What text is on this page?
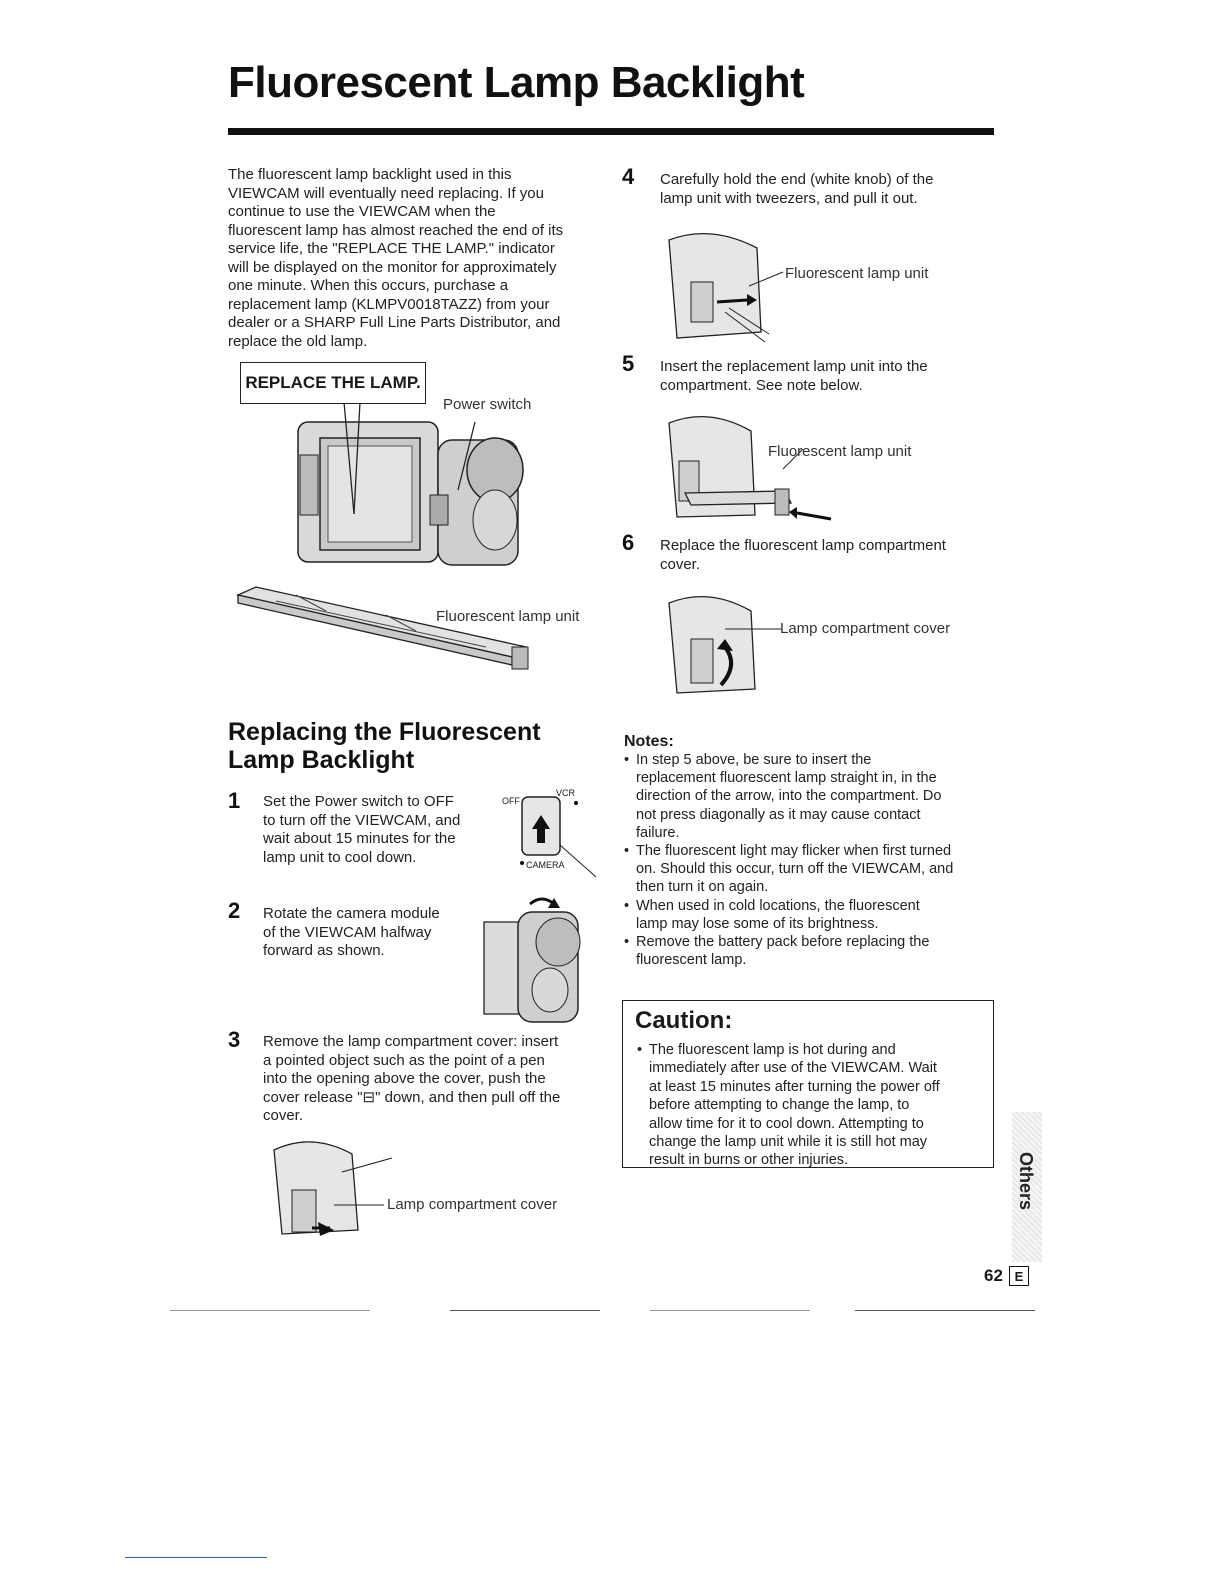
Fluorescent Lamp Backlight
The fluorescent lamp backlight used in this
VIEWCAM will eventually need replacing. If you
continue to use the VIEWCAM when the
fluorescent lamp has almost reached the end of its
service life, the "REPLACE THE LAMP." indicator
will be displayed on the monitor for approximately
one minute. When this occurs, purchase a
replacement lamp (KLMPV0018TAZZ) from your
dealer or a SHARP Full Line Parts Distributor, and
replace the old lamp.
REPLACE THE LAMP.
Power switch
Fluorescent lamp unit
Replacing the Fluorescent
Lamp Backlight
1 Set the Power switch to OFF
to turn off the VIEWCAM, and
wait about 15 minutes for the
lamp unit to cool down.
OFF
VCR
CAMERA
2 Rotate the camera module
of the VIEWCAM halfway
forward as shown.
3 Remove the lamp compartment cover: insert
a pointed object such as the point of a pen
into the opening above the cover, push the
cover release "⊟" down, and then pull off the
cover.
Lamp compartment cover
4 Carefully hold the end (white knob) of the
lamp unit with tweezers, and pull it out.
Fluorescent lamp unit
5 Insert the replacement lamp unit into the
compartment. See note below.
Fluorescent lamp unit
6 Replace the fluorescent lamp compartment
cover.
Lamp compartment cover
Notes:
• In step 5 above, be sure to insert the
replacement fluorescent lamp straight in, in the
direction of the arrow, into the compartment. Do
not press diagonally as it may cause contact
failure.
• The fluorescent light may flicker when first turned
on. Should this occur, turn off the VIEWCAM, and
then turn it on again.
• When used in cold locations, the fluorescent
lamp may lose some of its brightness.
• Remove the battery pack before replacing the
fluorescent lamp.
Caution:
• The fluorescent lamp is hot during and
immediately after use of the VIEWCAM. Wait
at least 15 minutes after turning the power off
before attempting to change the lamp, to
allow time for it to cool down. Attempting to
change the lamp unit while it is still hot may
result in burns or other injuries.	Others
62 E
